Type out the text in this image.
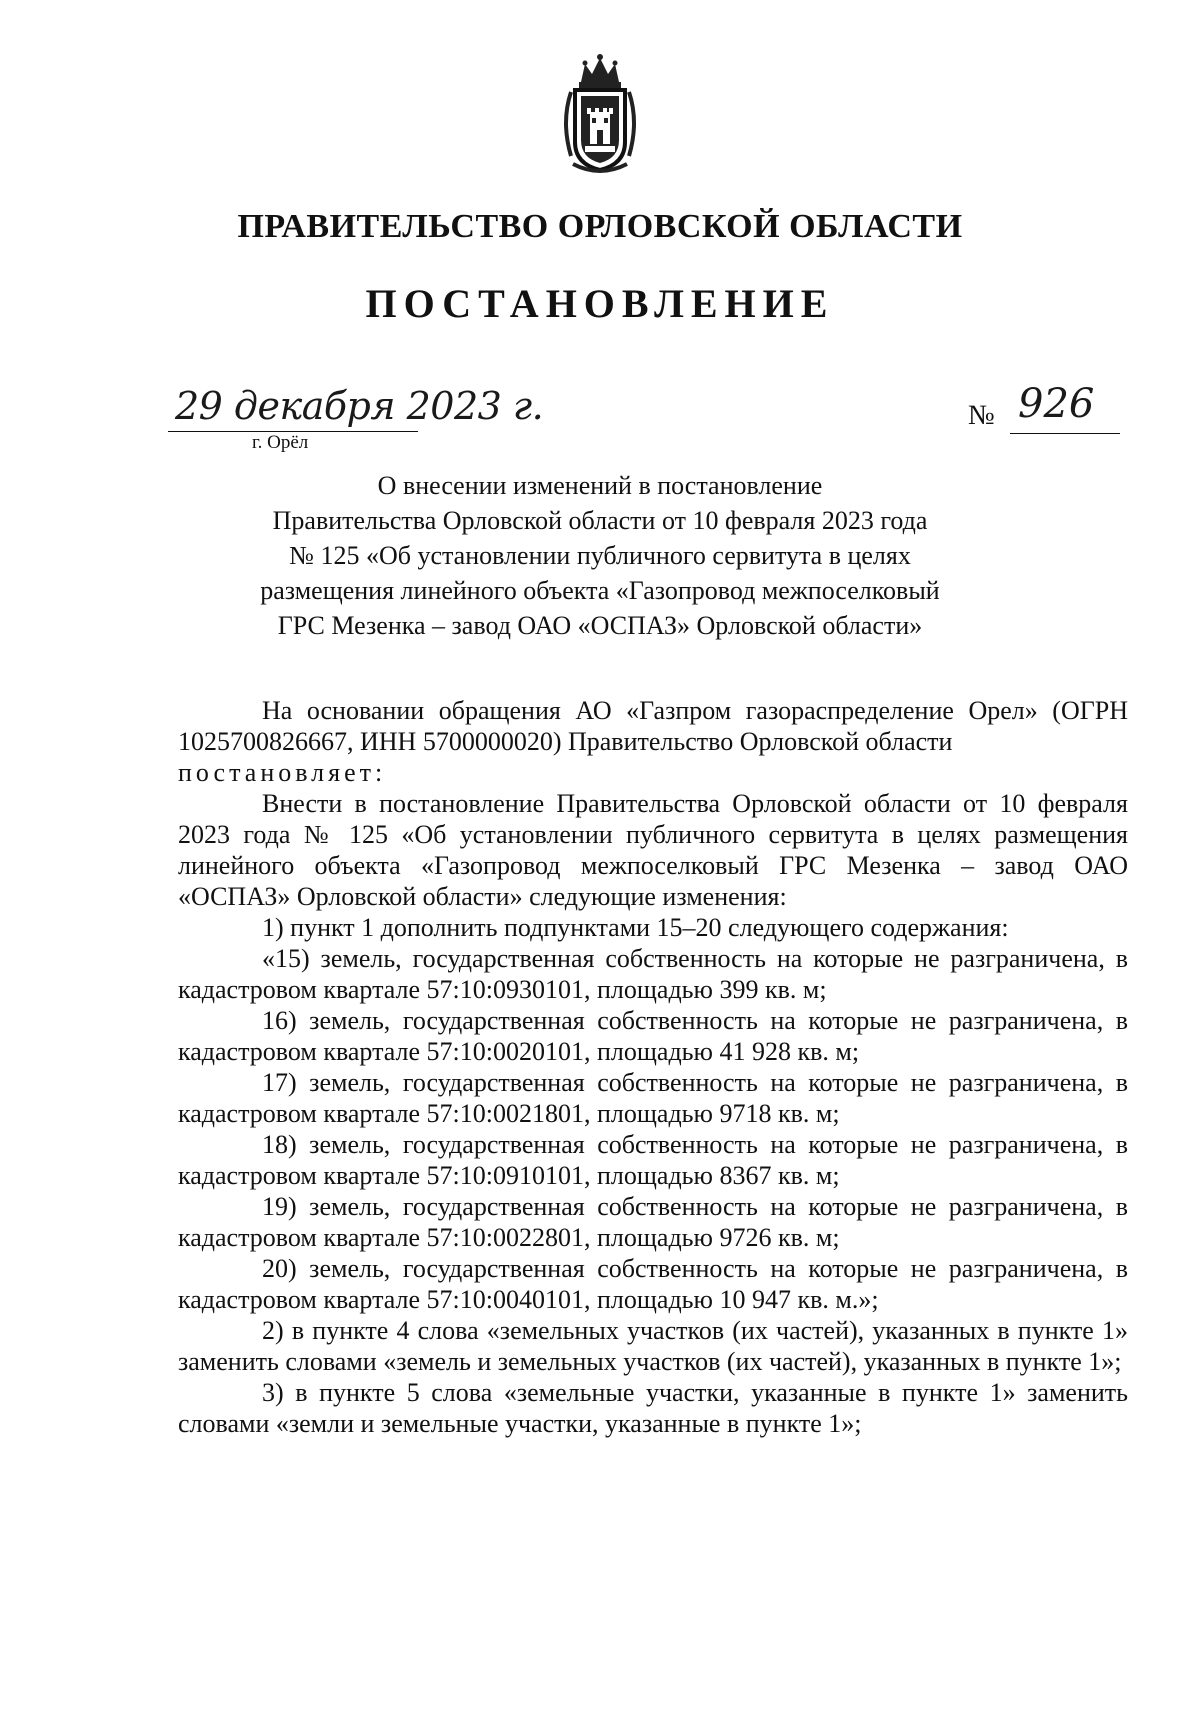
ПРАВИТЕЛЬСТВО ОРЛОВСКОЙ ОБЛАСТИ
ПОСТАНОВЛЕНИЕ
29 декабря 2023 г.
г. Орёл
№ 926
О внесении изменений в постановление
Правительства Орловской области от 10 февраля 2023 года
№ 125 «Об установлении публичного сервитута в целях
размещения линейного объекта «Газопровод межпоселковый
ГРС Мезенка – завод ОАО «ОСПАЗ» Орловской области»

На основании обращения АО «Газпром газораспределение Орел» (ОГРН 1025700826667, ИНН 5700000020) Правительство Орловской области
постановляет:

Внести в постановление Правительства Орловской области от 10 февраля 2023 года № 125 «Об установлении публичного сервитута в целях размещения линейного объекта «Газопровод межпоселковый ГРС Мезенка – завод ОАО «ОСПАЗ» Орловской области» следующие изменения:

1) пункт 1 дополнить подпунктами 15–20 следующего содержания:

«15) земель, государственная собственность на которые не разграничена, в кадастровом квартале 57:10:0930101, площадью 399 кв. м;

16) земель, государственная собственность на которые не разграничена, в кадастровом квартале 57:10:0020101, площадью 41 928 кв. м;

17) земель, государственная собственность на которые не разграничена, в кадастровом квартале 57:10:0021801, площадью 9718 кв. м;

18) земель, государственная собственность на которые не разграничена, в кадастровом квартале 57:10:0910101, площадью 8367 кв. м;

19) земель, государственная собственность на которые не разграничена, в кадастровом квартале 57:10:0022801, площадью 9726 кв. м;

20) земель, государственная собственность на которые не разграничена, в кадастровом квартале 57:10:0040101, площадью 10 947 кв. м.»;

2) в пункте 4 слова «земельных участков (их частей), указанных в пункте 1» заменить словами «земель и земельных участков (их частей), указанных в пункте 1»;

3) в пункте 5 слова «земельные участки, указанные в пункте 1» заменить словами «земли и земельные участки, указанные в пункте 1»;
